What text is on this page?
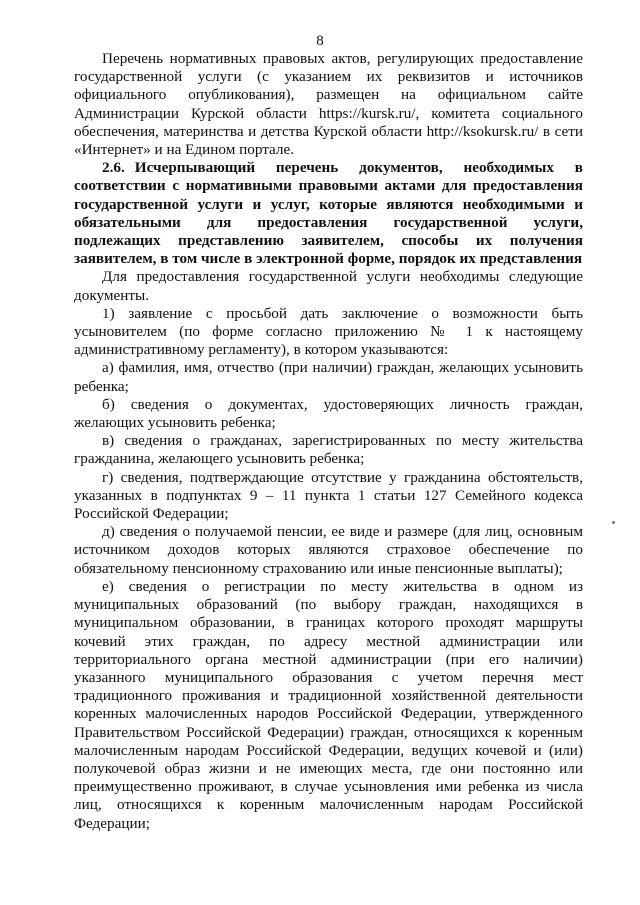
8

Перечень нормативных правовых актов, регулирующих предоставление государственной услуги (с указанием их реквизитов и источников официального опубликования), размещен на официальном сайте Администрации Курской области https://kursk.ru/, комитета социального обеспечения, материнства и детства Курской области http://ksokursk.ru/ в сети «Интернет» и на Едином портале.

2.6. Исчерпывающий перечень документов, необходимых в соответствии с нормативными правовыми актами для предоставления государственной услуги и услуг, которые являются необходимыми и обязательными для предоставления государственной услуги, подлежащих представлению заявителем, способы их получения заявителем, в том числе в электронной форме, порядок их представления

Для предоставления государственной услуги необходимы следующие документы.

1) заявление с просьбой дать заключение о возможности быть усыновителем (по форме согласно приложению № 1 к настоящему административному регламенту), в котором указываются:

а) фамилия, имя, отчество (при наличии) граждан, желающих усыновить ребенка;

б) сведения о документах, удостоверяющих личность граждан, желающих усыновить ребенка;

в) сведения о гражданах, зарегистрированных по месту жительства гражданина, желающего усыновить ребенка;

г) сведения, подтверждающие отсутствие у гражданина обстоятельств, указанных в подпунктах 9 – 11 пункта 1 статьи 127 Семейного кодекса Российской Федерации;

д) сведения о получаемой пенсии, ее виде и размере (для лиц, основным источником доходов которых являются страховое обеспечение по обязательному пенсионному страхованию или иные пенсионные выплаты);

е) сведения о регистрации по месту жительства в одном из муниципальных образований (по выбору граждан, находящихся в муниципальном образовании, в границах которого проходят маршруты кочевий этих граждан, по адресу местной администрации или территориального органа местной администрации (при его наличии) указанного муниципального образования с учетом перечня мест традиционного проживания и традиционной хозяйственной деятельности коренных малочисленных народов Российской Федерации, утвержденного Правительством Российской Федерации) граждан, относящихся к коренным малочисленным народам Российской Федерации, ведущих кочевой и (или) полукочевой образ жизни и не имеющих места, где они постоянно или преимущественно проживают, в случае усыновления ими ребенка из числа лиц, относящихся к коренным малочисленным народам Российской Федерации;
